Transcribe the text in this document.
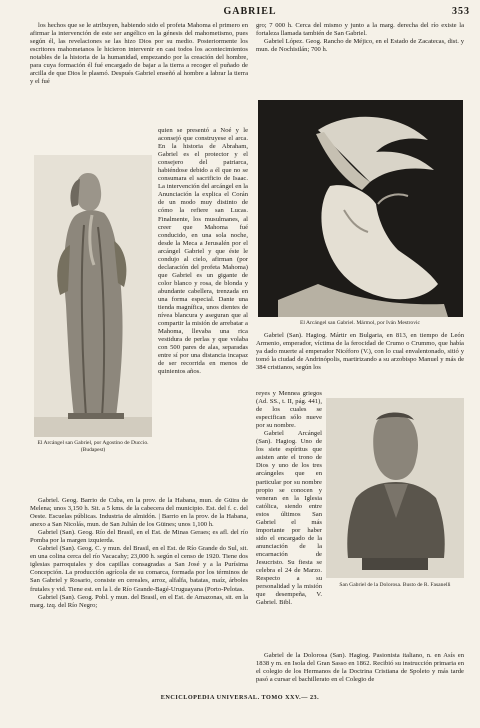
GABRIEL	353

los hechos que se le atribuyen, habiendo sido el profeta Mahoma el primero en afirmar la intervención de este ser angélico en la génesis del mahometismo, pues según él, las revelaciones se las hizo Dios por su medio. Posteriormente los escritores mahometanos le hicieron intervenir en casi todos los acontecimientos notables de la historia de la humanidad, empezando por la creación del hombre, para cuya formación él fué encargado de bajar a la tierra a recoger el puñado de arcilla de que Dios le plasmó. Después Gabriel enseñó al hombre a labrar la tierra y el fué

quien se presentó a Noé y le aconsejó que construyese el arca. En la historia de Abraham, Gabriel es el protector y el consejero del patriarca, habiéndose debido a él que no se consumara el sacrificio de Isaac. La intervención del arcángel en la Anunciación la explica el Corán de un modo muy distinto de cómo la refiere san Lucas. Finalmente, los musulmanes, al creer que Mahoma fué conducido, en una sola noche, desde la Meca a Jerusalén por el arcángel Gabriel y que éste le condujo al cielo, afirman (por declaración del profeta Mahoma) que Gabriel es un gigante de color blanco y rosa, de blonda y abundante cabellera, trenzada en una forma especial. Dante una tienda magnífica, unos dientes de nívea blancura y aseguran que al compartir la misión de arrebatar a Mahoma, llevaba una rica vestidura de perlas y que volaba con 500 pares de alas, separadas entre sí por una distancia incapaz de ser recorrida en menos de quinientos años.
El Arcángel san Gabriel, por Agostino de Duccio. (Budapest)

Gabriel. Geog. Barrio de Cuba, en la prov. de la Habana, mun. de Güira de Melena; unos 3,150 h. Sit. a 5 kms. de la cabecera del municipio. Est. del f. c. del Oeste. Escuelas públicas. Industria de almidón. | Barrio en la prov. de la Habana, anexo a San Nicolás, mun. de San Julián de los Güines; unos 1,100 h.

Gabriel (San). Geog. Río del Brasil, en el Est. de Minas Geraes; es afl. del río Pomba por la margen izquierda.

Gabriel (San). Geog. C. y mun. del Brasil, en el Est. de Río Grande do Sul, sit. en una colina cerca del río Vacacahy; 23,000 h. según el censo de 1920. Tiene dos iglesias parroquiales y dos capillas consagradas a San José y a la Purísima Concepción. La producción agrícola de su comarca, formada por los términos de San Gabriel y Rosario, consiste en cereales, arroz, alfalfa, batatas, maíz, árboles frutales y vid. Tiene est. en la l. de Río Grande-Bagé-Uruguayana (Porto-Pelotas.

Gabriel (San). Geog. Pobl. y mun. del Brasil, en el Est. de Amazonas, sit. en la marg. izq. del Río Negro;

gro; 7 000 h. Cerca del mismo y junto a la marg. derecha del río existe la fortaleza llamada también de San Gabriel.

Gabriel López. Geog. Rancho de Méjico, en el Estado de Zacatecas, dist. y mun. de Nochistlán; 700 h.

El Arcángel san Gabriel. Mármol, por Iván Mestrovic

Gabriel (San). Hagiog. Mártir en Bulgaria, en 813, en tiempo de León Armenio, emperador, víctima de la ferocidad de Crumo o Crummo, que había ya dado muerte al emperador Nicéforo (V.), con lo cual envalentonado, sitió y tomó la ciudad de Andrinópolis, martirizando a su arzobispo Manuel y más de 384 cristianos, según los

reyes y Mennea griegos (Ad. SS., t. II, pág. 441), de los cuales se especifican sólo nueve por su nombre.

Gabriel Arcángel (San). Hagiog. Uno de los siete espíritus que asisten ante el trono de Dios y uno de los tres arcángeles que en particular por su nombre propio se conocen y veneran en la Iglesia católica, siendo entre estos últimos San Gabriel el más importante por haber sido el encargado de la anunciación de la encarnación de Jesucristo. Su fiesta se celebra el 24 de Marzo. Respecto a su personalidad y la misión que desempeña, V. Gabriel. Bibl.

San Gabriel de la Dolorosa. Busto de R. Fasanelli

Gabriel de la Dolorosa (San). Hagiog. Pasionista italiano, n. en Asís en 1838 y m. en Isola del Gran Sasso en 1862. Recibió su instrucción primaria en el colegio de los Hermanos de la Doctrina Cristiana de Spoleto y más tarde pasó a cursar el bachillerato en el Colegio de

ENCICLOPEDIA UNIVERSAL. TOMO XXV.— 23.
